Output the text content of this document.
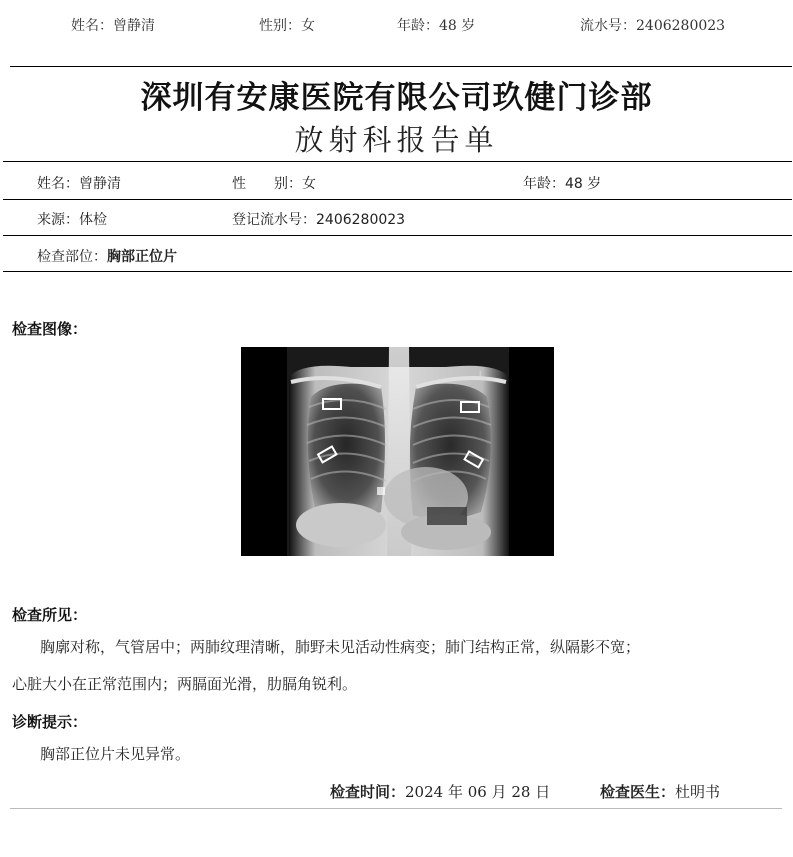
姓名：曾静清	性别：女	年龄：48 岁	流水号：2406280023
深圳有安康医院有限公司玖健门诊部
放射科报告单
姓名：曾静清	性　　别：女	年龄：48 岁
来源：体检	登记流水号：2406280023
检查部位：胸部正位片
检查图像：
L
检查所见：
胸廓对称，气管居中；两肺纹理清晰，肺野未见活动性病变；肺门结构正常，纵隔影不宽；
心脏大小在正常范围内；两膈面光滑，肋膈角锐利。
诊断提示：
胸部正位片未见异常。
检查时间：2024 年 06 月 28 日	检查医生：杜明书
